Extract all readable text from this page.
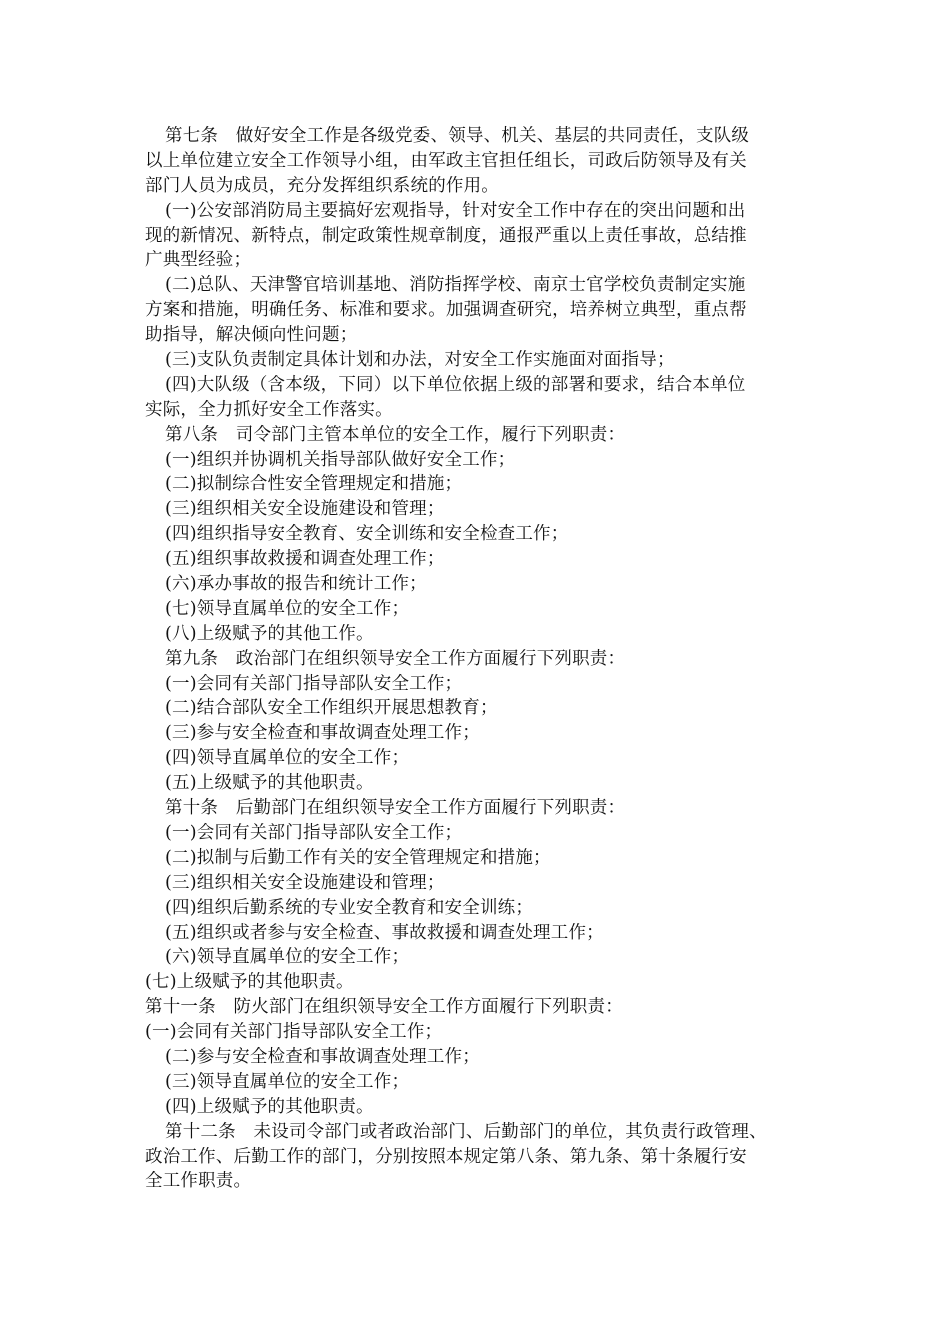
第七条　做好安全工作是各级党委、领导、机关、基层的共同责任，支队级
以上单位建立安全工作领导小组，由军政主官担任组长，司政后防领导及有关
部门人员为成员，充分发挥组织系统的作用。
(一)公安部消防局主要搞好宏观指导，针对安全工作中存在的突出问题和出
现的新情况、新特点，制定政策性规章制度，通报严重以上责任事故，总结推
广典型经验；
(二)总队、天津警官培训基地、消防指挥学校、南京士官学校负责制定实施
方案和措施，明确任务、标准和要求。加强调查研究，培养树立典型，重点帮
助指导，解决倾向性问题；
(三)支队负责制定具体计划和办法，对安全工作实施面对面指导；
(四)大队级（含本级，下同）以下单位依据上级的部署和要求，结合本单位
实际，全力抓好安全工作落实。
第八条　司令部门主管本单位的安全工作，履行下列职责：
(一)组织并协调机关指导部队做好安全工作；
(二)拟制综合性安全管理规定和措施；
(三)组织相关安全设施建设和管理；
(四)组织指导安全教育、安全训练和安全检查工作；
(五)组织事故救援和调查处理工作；
(六)承办事故的报告和统计工作；
(七)领导直属单位的安全工作；
(八)上级赋予的其他工作。
第九条　政治部门在组织领导安全工作方面履行下列职责：
(一)会同有关部门指导部队安全工作；
(二)结合部队安全工作组织开展思想教育；
(三)参与安全检查和事故调查处理工作；
(四)领导直属单位的安全工作；
(五)上级赋予的其他职责。
第十条　后勤部门在组织领导安全工作方面履行下列职责：
(一)会同有关部门指导部队安全工作；
(二)拟制与后勤工作有关的安全管理规定和措施；
(三)组织相关安全设施建设和管理；
(四)组织后勤系统的专业安全教育和安全训练；
(五)组织或者参与安全检查、事故救援和调查处理工作；
(六)领导直属单位的安全工作；
(七)上级赋予的其他职责。
第十一条　防火部门在组织领导安全工作方面履行下列职责：
(一)会同有关部门指导部队安全工作；
(二)参与安全检查和事故调查处理工作；
(三)领导直属单位的安全工作；
(四)上级赋予的其他职责。
第十二条　未设司令部门或者政治部门、后勤部门的单位，其负责行政管理、
政治工作、后勤工作的部门，分别按照本规定第八条、第九条、第十条履行安
全工作职责。
